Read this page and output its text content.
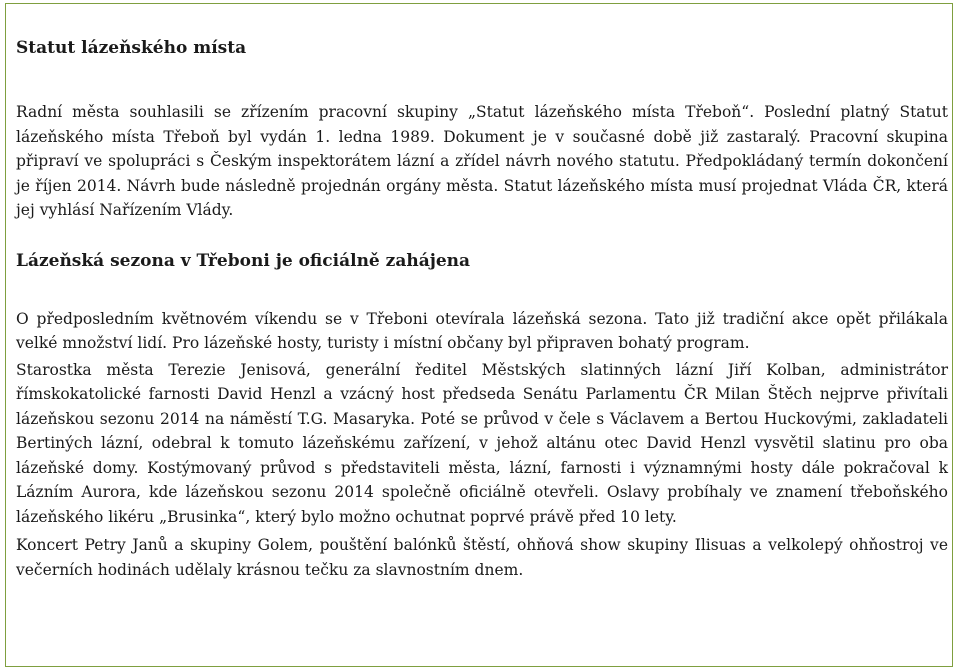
Statut lázeňského místa

Radní města souhlasili se zřízením pracovní skupiny „Statut lázeňského místa Třeboň“. Poslední platný Statut lázeňského místa Třeboň byl vydán 1. ledna 1989. Dokument je v současné době již zastaralý. Pracovní skupina připraví ve spolupráci s Českým inspektorátem lázní a zřídel návrh nového statutu. Předpokládaný termín dokončení je říjen 2014. Návrh bude následně projednán orgány města. Statut lázeňského místa musí projednat Vláda ČR, která jej vyhlásí Nařízením Vlády.

Lázeňská sezona v Třeboni je oficiálně zahájena

O předposledním květnovém víkendu se v Třeboni otevírala lázeňská sezona. Tato již tradiční akce opět přilákala velké množství lidí. Pro lázeňské hosty, turisty i místní občany byl připraven bohatý program.

Starostka města Terezie Jenisová, generální ředitel Městských slatinných lázní Jiří Kolban, administrátor římskokatolické farnosti David Henzl a vzácný host předseda Senátu Parlamentu ČR Milan Štěch nejprve přivítali lázeňskou sezonu 2014 na náměstí T.G. Masaryka. Poté se průvod v čele s Václavem a Bertou Huckovými, zakladateli Bertiných lázní, odebral k tomuto lázeňskému zařízení, v jehož altánu otec David Henzl vysvětil slatinu pro oba lázeňské domy. Kostýmovaný průvod s představiteli města, lázní, farnosti i významnými hosty dále pokračoval k Lázním Aurora, kde lázeňskou sezonu 2014 společně oficiálně otevřeli. Oslavy probíhaly ve znamení třeboňského lázeňského likéru „Brusinka“, který bylo možno ochutnat poprvé právě před 10 lety.

Koncert Petry Janů a skupiny Golem, pouštění balónků štěstí, ohňová show skupiny Ilisuas a velkolepý ohňostroj ve večerních hodinách udělaly krásnou tečku za slavnostním dnem.
